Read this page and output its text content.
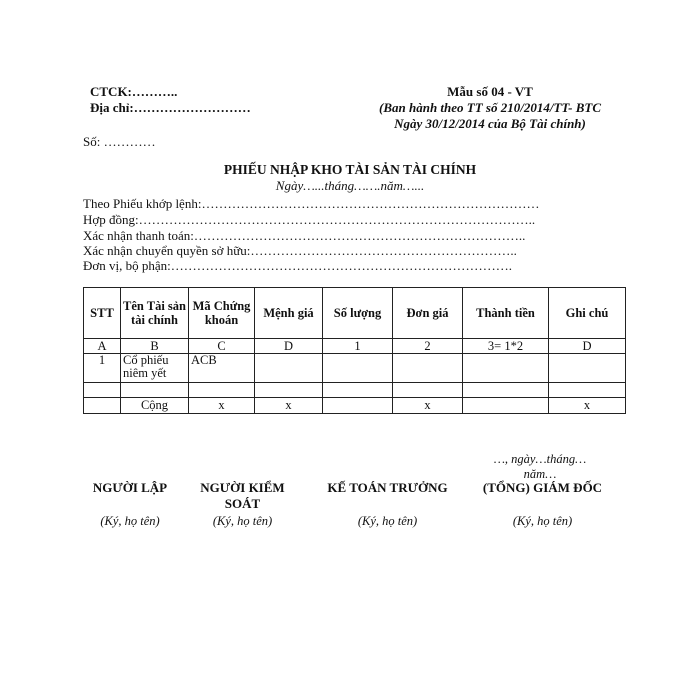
CTCK:………..
Địa chỉ:………………………
Mẫu số 04 - VT
(Ban hành theo TT số 210/2014/TT- BTC
Ngày 30/12/2014 của Bộ Tài chính)
Số: …………
PHIẾU NHẬP KHO TÀI SẢN TÀI CHÍNH
Ngày…...tháng…….năm…...
Theo Phiếu khớp lệnh:……………………………………………………………………
Hợp đồng:………………………………………………………………………………..
Xác nhận thanh toán:…………………………………………………………………..
Xác nhận chuyển quyền sở hữu:……………………………………………………..
Đơn vị, bộ phận:…………………………………………………………………….
STT	Tên Tài sản tài chính	Mã Chứng khoán	Mệnh giá	Số lượng	Đơn giá	Thành tiền	Ghi chú
A	B	C	D	1	2	3= 1*2	D
1	Cổ phiếu niêm yết	ACB					

	Cộng	x	x		x		x
…, ngày…tháng… năm…
NGƯỜI LẬP	NGƯỜI KIỂM SOÁT
KẾ TOÁN TRƯỞNG	(TỔNG) GIÁM ĐỐC
(Ký, họ tên)	(Ký, họ tên)	(Ký, họ tên)	(Ký, họ tên)
